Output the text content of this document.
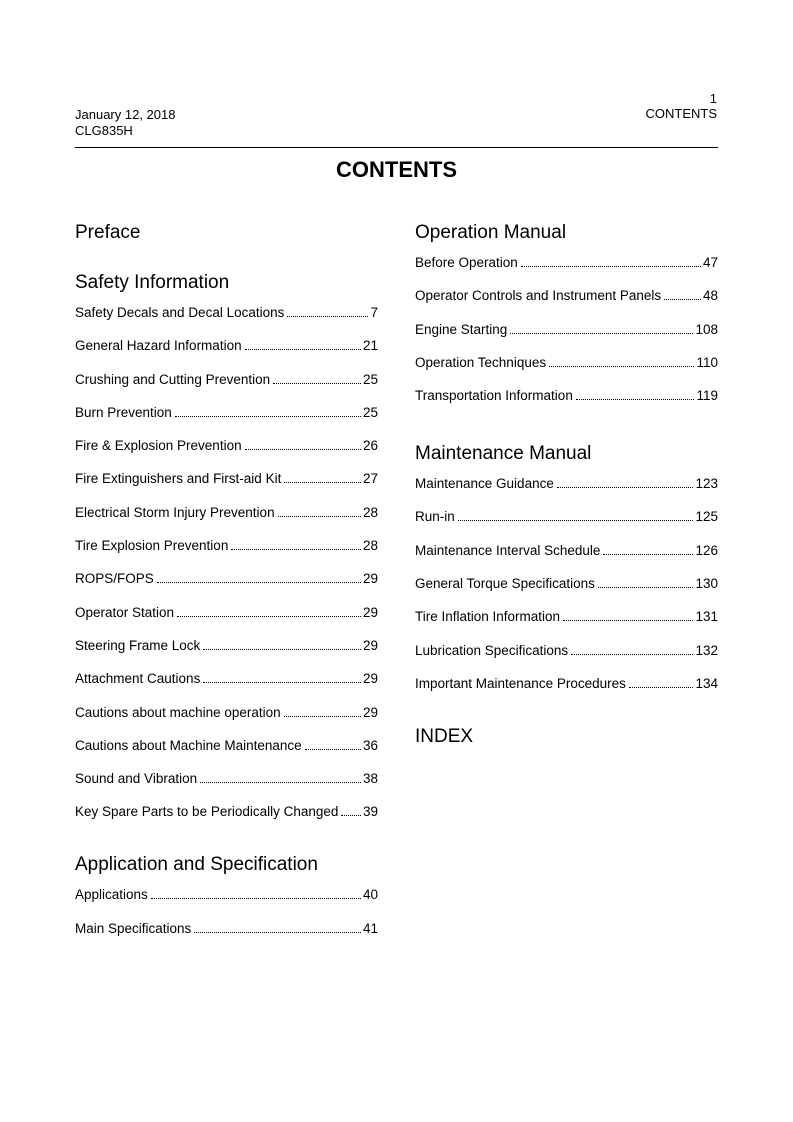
January 12, 2018
CLG835H
1
CONTENTS
CONTENTS
Preface
Safety Information
Safety Decals and Decal Locations	7
General Hazard Information	21
Crushing and Cutting Prevention	25
Burn Prevention	25
Fire & Explosion Prevention	26
Fire Extinguishers and First-aid Kit	27
Electrical Storm Injury Prevention	28
Tire Explosion Prevention	28
ROPS/FOPS	29
Operator Station	29
Steering Frame Lock	29
Attachment Cautions	29
Cautions about machine operation	29
Cautions about Machine Maintenance	36
Sound and Vibration	38
Key Spare Parts to be Periodically Changed 39
Application and Specification
Applications	40
Main Specifications	41
Operation Manual
Before Operation	47
Operator Controls and Instrument Panels	48
Engine Starting	108
Operation Techniques	110
Transportation Information	119
Maintenance Manual
Maintenance Guidance	123
Run-in	125
Maintenance Interval Schedule	126
General Torque Specifications	130
Tire Inflation Information	131
Lubrication Specifications	132
Important Maintenance Procedures	134
INDEX
